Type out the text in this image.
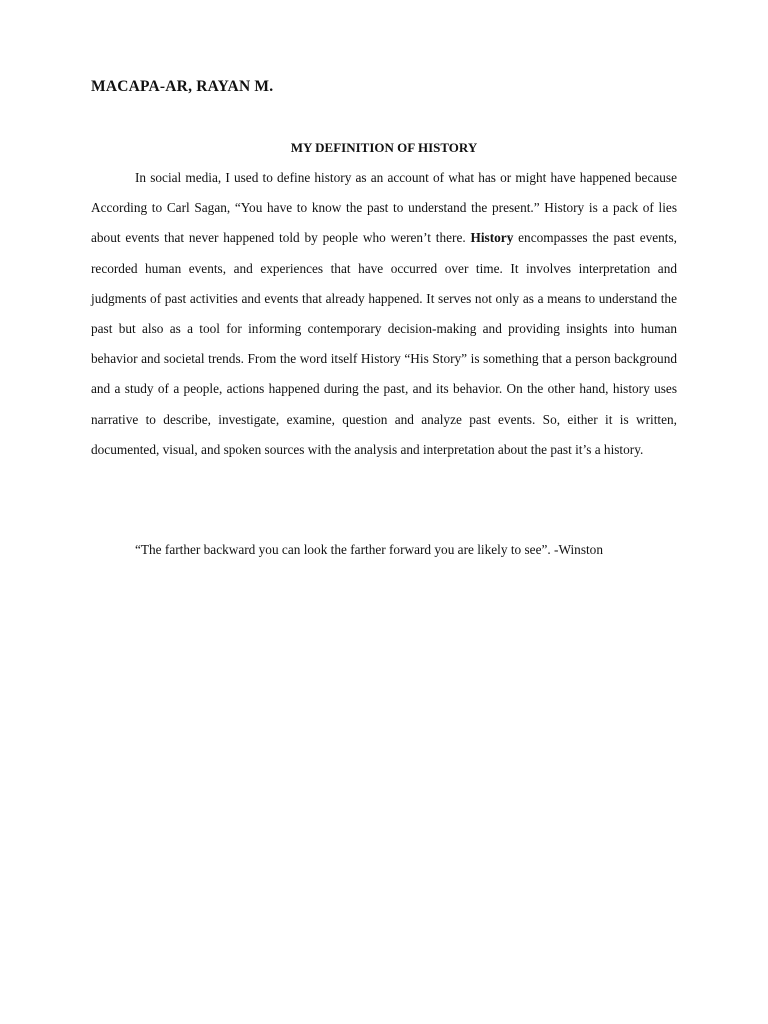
MACAPA-AR, RAYAN M.

MY DEFINITION OF HISTORY

In social media, I used to define history as an account of what has or might have happened because According to Carl Sagan, “You have to know the past to understand the present.” History is a pack of lies about events that never happened told by people who weren’t there. History encompasses the past events, recorded human events, and experiences that have occurred over time. It involves interpretation and judgments of past activities and events that already happened. It serves not only as a means to understand the past but also as a tool for informing contemporary decision-making and providing insights into human behavior and societal trends. From the word itself History “His Story” is something that a person background and a study of a people, actions happened during the past, and its behavior. On the other hand, history uses narrative to describe, investigate, examine, question and analyze past events. So, either it is written, documented, visual, and spoken sources with the analysis and interpretation about the past it’s a history.

“The farther backward you can look the farther forward you are likely to see”. -Winston
